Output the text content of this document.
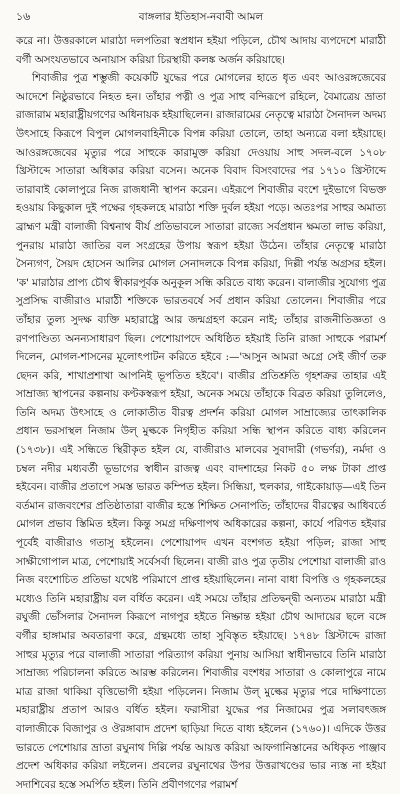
১৬	বাঙ্গলার ইতিহাস-নবাবী আমল

করে না। উত্তরকালে মারাঠা দলপতিরা স্বপ্রধান হইয়া পড়িলে, চৌথ আদায় ব্যপদেশে মারাঠী বর্গী অসংযতভাবে অনায়াস করিয়া চিরস্থায়ী কলঙ্ক অর্জন করিয়াছে।

শিবাজীর পুত্র শম্ভুজী কয়েকটি যুদ্ধের পরে মোগলের হাতে ধৃত এবং আওরঙ্গজেবের আদেশে নিষ্ঠুরভাবে নিহত হন। তাঁহার পত্নী ও পুত্র সাহু বন্দিরূপে রহিলে, বৈমাত্রেয় ভ্রাতা রাজারাম মহারাষ্ট্রীয়গণের অধিনায়ক হইয়াছিলেন। রাজারামের নেতৃত্বে মারাঠা সৈনাদল অদম্য উৎসাহে কিরূপে বিপুল মোগলবাহিনীকে বিপন্ন করিয়া তোলে, তাহা অন্যত্রে বলা হইয়াছে। আওরঙ্গজেবের মৃত্যুর পরে সাহুকে কারামুক্ত করিয়া দেওয়ায় সাহু সদল-বলে ১৭০৮ খ্রিস্টাব্দে সাতারা অধিকার করিয়া বসেন। অনেক বিবাদ বিসংবাদের পর ১৭১০ খ্রিস্টাব্দে তারাবাই কোলাপুরে নিজ রাজধানী স্থাপন করেন। এইরূপে শিবাজীর বংশে দুইভাগে বিভক্ত হওয়ায় কিছুকাল দুই পক্ষের গৃহকলহে মারাঠা শক্তি দুর্বল হইয়া পড়ে। অতঃপর সাহুর অমাত্য ব্রাহ্মণ মন্ত্রী বালাজী বিশ্বনাথ বীর্য প্রতিভাবলে সাতারা রাজ্যে সর্বপ্রধান ক্ষমতা লাভ করিয়া, পুনরায় মারাঠা জাতির বল সংগ্রহের উপায় স্বরূপ হইয়া উঠেন। তাঁহার নেতৃত্বে মারাঠা সৈন্যগণ, সৈয়দ হোসেন আলির মোগল সেনাদলকে বিপন্ন করিয়া, দিল্লী পর্যন্ত অগ্রসর হইল। 'ক' মারাঠার প্রাপ্য চৌথ স্বীকারপূর্বক অনুকূল সন্ধি করিতে বাধ্য করেন। বালাজীর সুযোগ্য পুত্র সুপ্রসিদ্ধ বাজীরাও মারাঠী শক্তিকে ভারতবর্ষে সর্ব প্রধান করিয়া তোলেন। শিবাজীর পরে তাঁহার তুল্য সুদক্ষ ব্যক্তি মহারাষ্ট্রে আর জন্মগ্রহণ করেন নাই; তাঁহার রাজনীতিজ্ঞতা ও রণপাণ্ডিত্য অনন্যসাধারণ ছিল। পেশোয়াপদে অধিষ্ঠিত হইয়াই তিনি রাজা সাহুকে পরামর্শ দিলেন, মোগল-শাসনের মূলোৎপাটন করিতে হইবে :—'আসুন আমরা অগ্রে সেই জীর্ণ তরু ছেদন করি, শাখাপ্রশাখা আপনিই ভূপতিত হইবে'। বাজীর প্রতিশ্রুতি গৃহশক্রর তাহার এই সাম্রাজ্য স্থাপনের কল্পনায় কণ্টকস্বরূপ হইয়া, অনেক সময়ে তাঁহাকে বিব্রত করিয়া তুলিলেও, তিনি অদম্য উৎসাহে ও লোকাতীত বীরত্ব প্রদর্শন করিয়া মোগল সাম্রাজ্যের তাৎকালিক প্রধান ভরসাস্থল নিজাম উল্ মুল্ককে নিগৃহীত করিয়া সন্ধি স্থাপন করিতে বাধ্য করিলেন (১৭৩৮)। এই সন্ধিতে স্থিরীকৃত হইল যে, বাজীরাও মালবের সুবাদারী (গভর্ণর), নর্মদা ও চম্বল নদীর মধ্যবর্তী ভূভাগের স্বাধীন রাজত্ব এবং বাদশাহের নিকট ৫০ লক্ষ টাকা প্রাপ্ত হইবেন। বাজীর প্রতাপে সমস্ত ভারত কম্পিত হইল। সিন্ধিয়া, হুলকার, গাইকোয়াড়—এই তিন বর্তমান রাজবংশের প্রতিষ্ঠাতারা বাজীর হস্তে শিক্ষিত সেনাপতি; তাঁহাদের বীরত্বের আধিবর্তে মোগল প্রভাব স্তিমিত হইল। কিন্তু সমগ্র দক্ষিণাপথ অধিকারের কল্পনা, কার্যে পরিণত হইবার পূর্বেই বাজীরাও গতাসু হইলেন। পেশোয়াপদ এখন বংশগত হইয়া পড়িল; রাজা সাহু সাক্ষীগোপাল মাত্র, পেশোয়াই সর্বেসর্বা ছিলেন। বাজী রাও পুত্র তৃতীয় পেশোয়া বালাজী রাও নিজ বংশোচিত প্রতিভা যথেষ্ট পরিমাণে প্রাপ্ত হইয়াছিলেন। নানা বাধা বিপত্তি ও গৃহকলহের মধ্যেও তিনি মহারাষ্ট্রীয় বল বর্ধিত করেন। এই সময়ে তাঁহার প্রতিদ্বন্দ্বী অন্যতম মারাঠা মন্ত্রী রঘুজী ভোঁসলার সৈনাদল কিরূপে নাগপুর হইতে নিষ্ক্রান্ত হইয়া চৌথ আদায়ের ছলে বঙ্গে বর্গীর হাঙ্গামার অবতারণা করে, গ্রন্থমধ্যে তাহা সুবিস্তৃত হইয়াছে। ১৭৪৮ খ্রিস্টাব্দে রাজা সাহুর মৃত্যুর পরে বালাজী সাতারা পরিত্যাগ করিয়া পুনায় আসিয়া স্বাধীনভাবে তিনি মারাঠা সাম্রাজ্য পরিচালনা করিতে আরম্ভ করিলেন। শিবাজীর বংশধর সাতারা ও কোলাপুরে নামে মাত্র রাজা থাকিয়া বৃত্তিভোগী হইয়া পড়িলেন। নিজাম উল্ মুল্কের মৃত্যুর পরে দাক্ষিণাত্যে মহারাষ্ট্রীয় প্রতাপ আরও বর্ধিত হইল। ফরাসীরা যুদ্ধের পর নিজামের পুত্র সলাবৎজঙ্গ বালাজীকে বিজাপুর ও ঔরঙ্গাবাদ প্রদেশ ছাড়িয়া দিতে বাধ্য হইলেন (১৭৬০)। এদিকে উত্তর ভারতে পেশোয়ার ভ্রাতা রঘুনাথ দিল্লি পর্যন্ত আয়ত্ত করিয়া আফগানিস্তানের অধিকৃত পাঞ্জাব প্রদেশ অধিকার করিয়া লইলেন। প্রবলের রঘুনাথের উপর উত্তরাখণ্ডের ভার ন্যস্ত না হইয়া সদাশিবের হস্তে সমর্পিত হইল। তিনি প্রবীণগণের পরামর্শ
